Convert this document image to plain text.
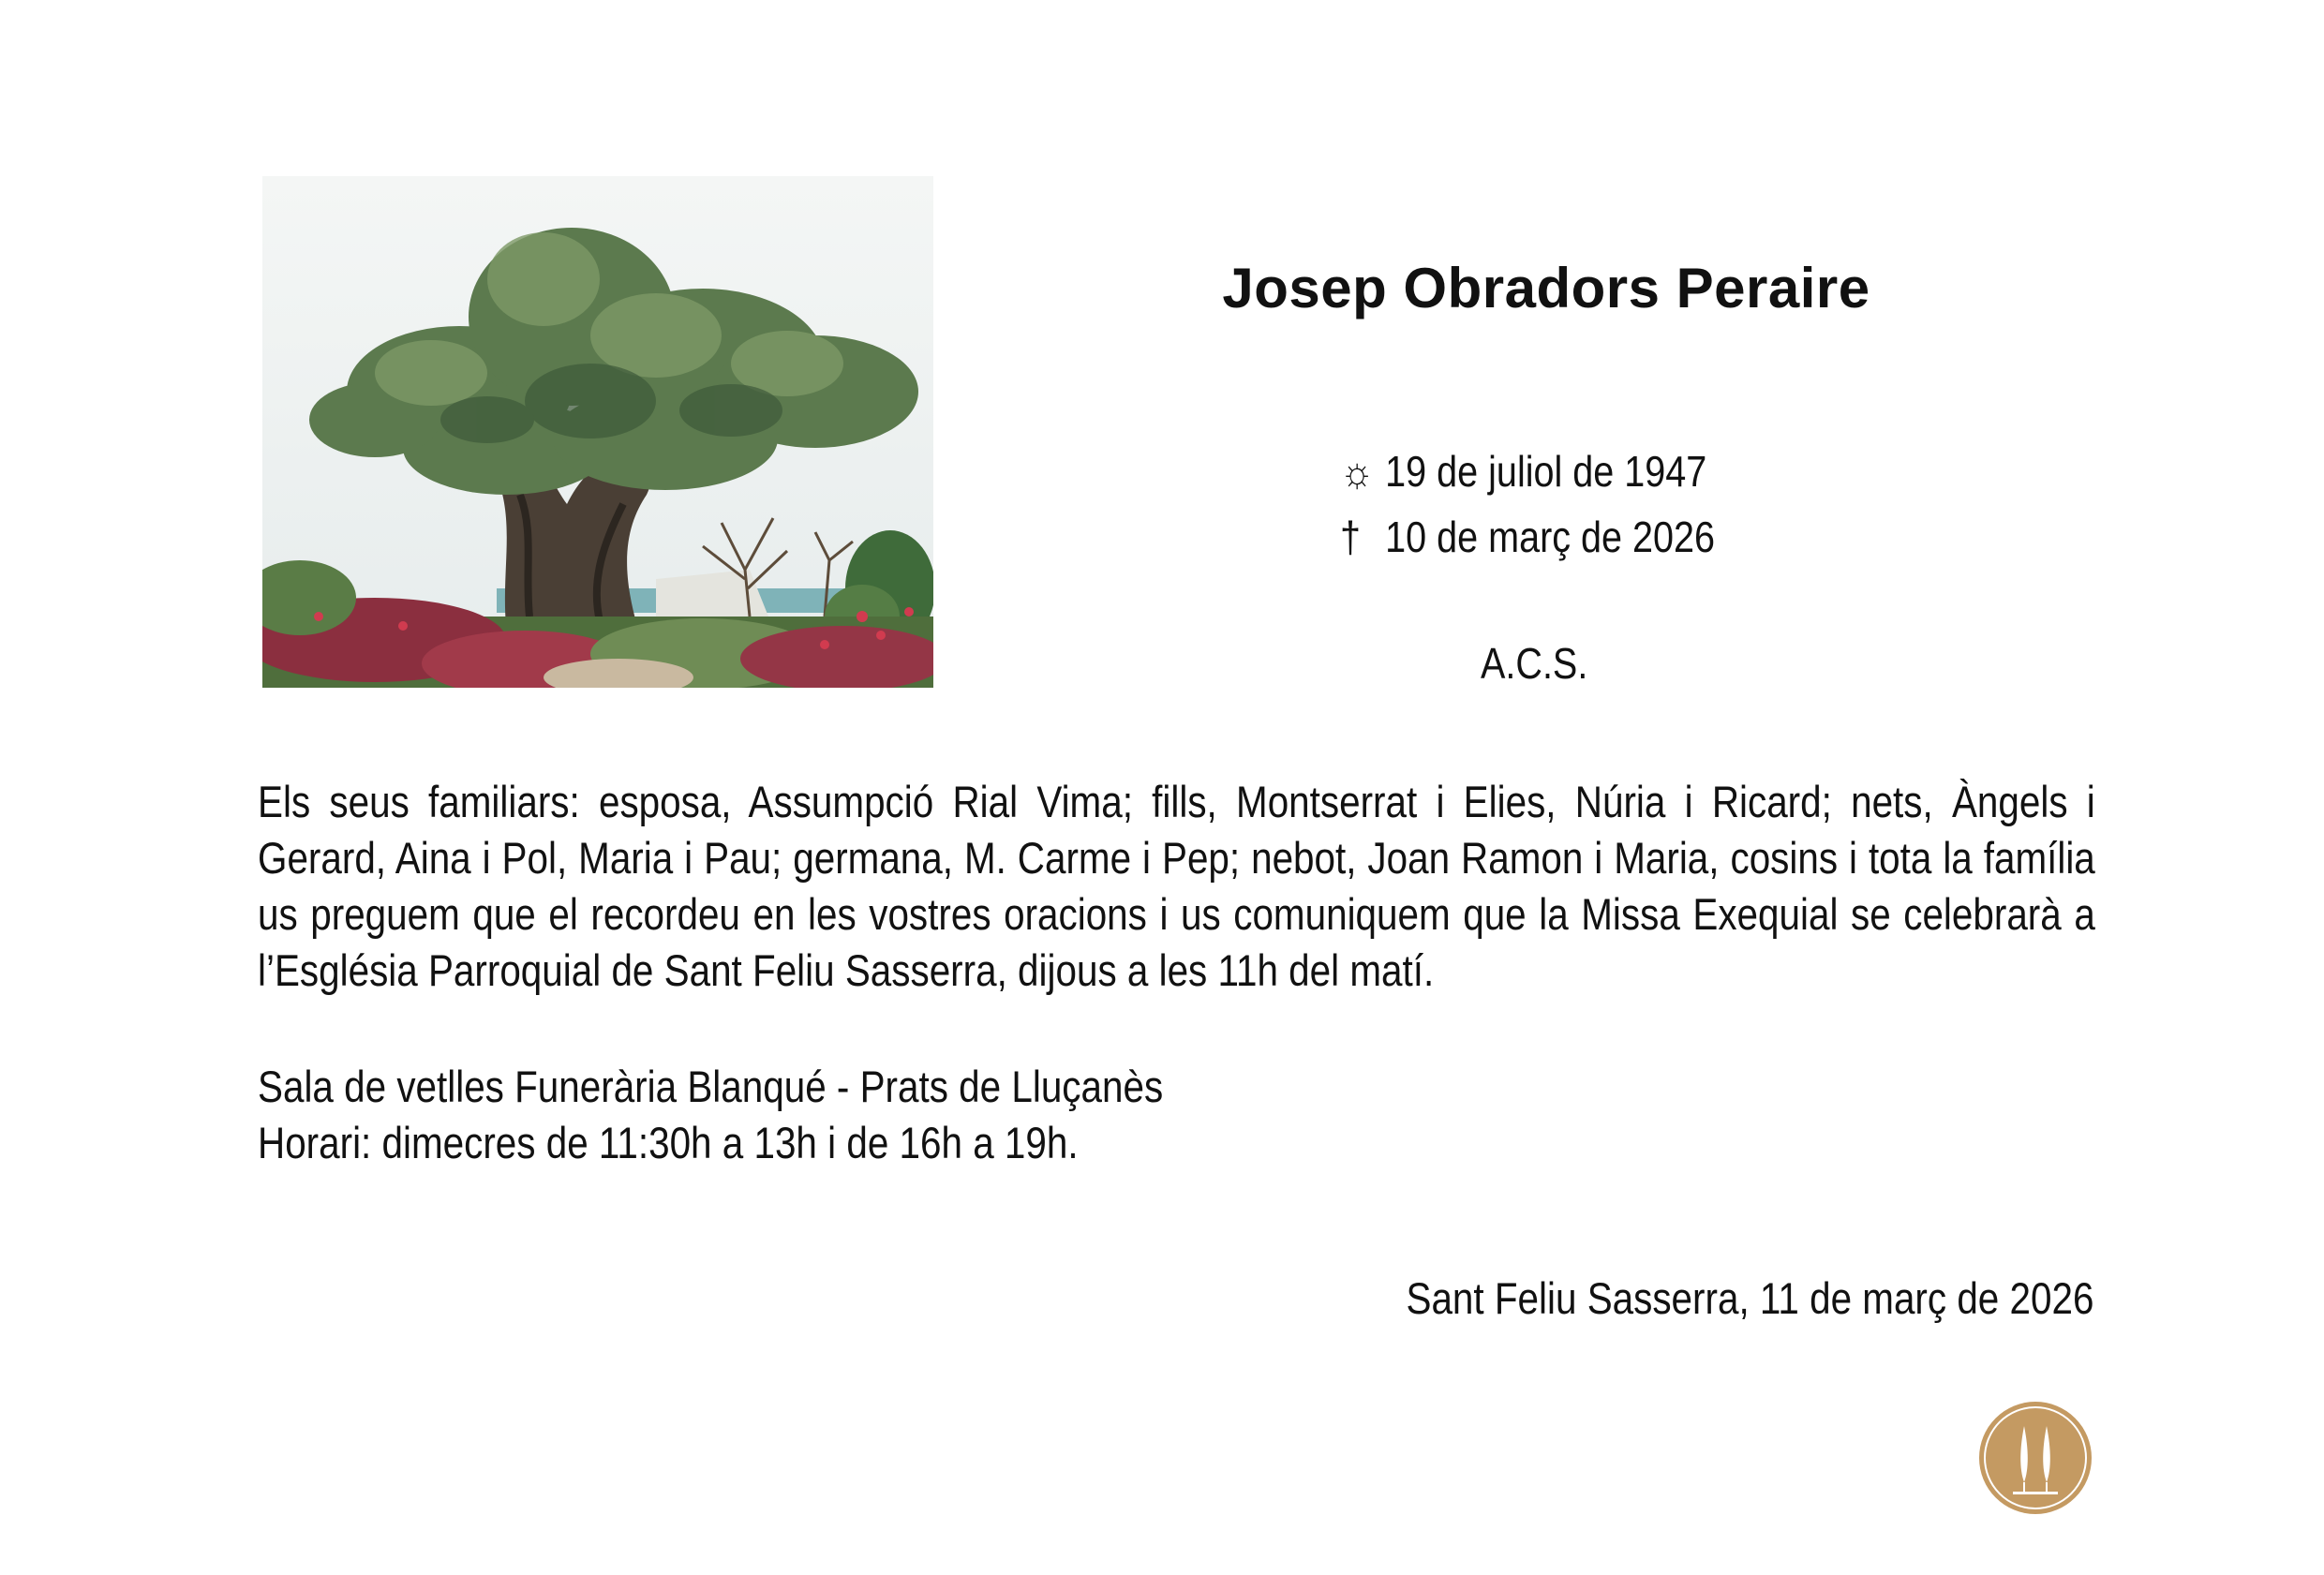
Josep Obradors Peraire
☼ 19 de juliol de 1947
† 10 de març de 2026
A.C.S.
Els seus familiars: esposa, Assumpció Rial Vima; fills, Montserrat i Elies, Núria i Ricard; nets, Àngels i
Gerard, Aina i Pol, Maria i Pau; germana, M. Carme i Pep; nebot, Joan Ramon i Maria, cosins i tota la família
us preguem que el recordeu en les vostres oracions i us comuniquem que la Missa Exequial se celebrarà a
l’Església Parroquial de Sant Feliu Sasserra, dijous a les 11h del matí.
Sala de vetlles Funerària Blanqué - Prats de Lluçanès
Horari: dimecres de 11:30h a 13h i de 16h a 19h.
Sant Feliu Sasserra, 11 de març de 2026
